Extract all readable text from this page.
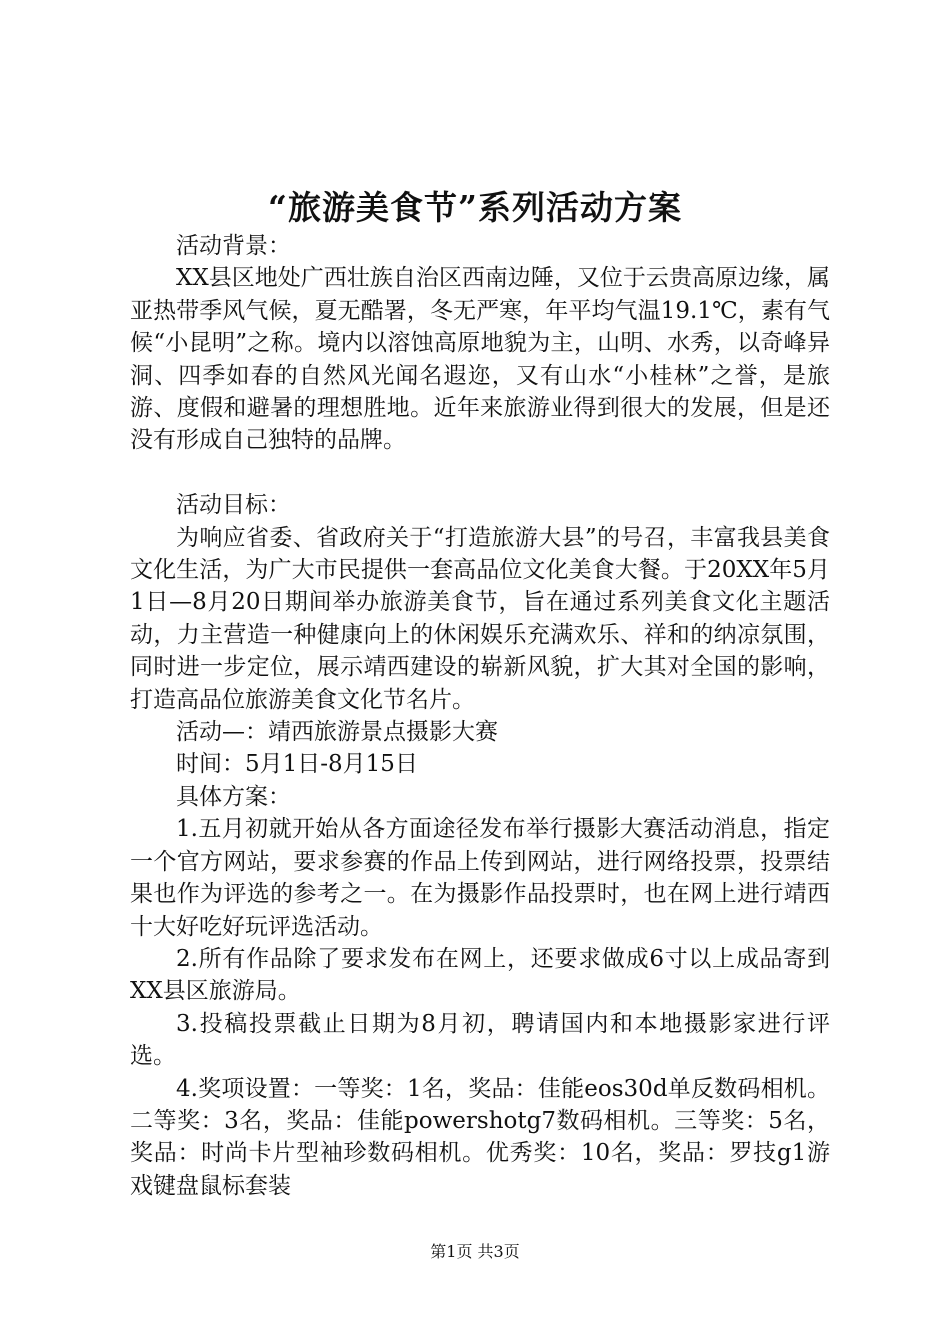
“旅游美食节”系列活动方案

活动背景：

XX县区地处广西壮族自治区西南边陲，又位于云贵高原边缘，属亚热带季风气候，夏无酷署，冬无严寒，年平均气温19.1℃，素有气候“小昆明”之称。境内以溶蚀高原地貌为主，山明、水秀，以奇峰异洞、四季如春的自然风光闻名遐迩，又有山水“小桂林”之誉，是旅游、度假和避暑的理想胜地。近年来旅游业得到很大的发展，但是还没有形成自己独特的品牌。

活动目标：

为响应省委、省政府关于“打造旅游大县”的号召，丰富我县美食文化生活，为广大市民提供一套高品位文化美食大餐。于20XX年5月1日—8月20日期间举办旅游美食节，旨在通过系列美食文化主题活动，力主营造一种健康向上的休闲娱乐充满欢乐、祥和的纳凉氛围，同时进一步定位，展示靖西建设的崭新风貌，扩大其对全国的影响，打造高品位旅游美食文化节名片。

活动—：靖西旅游景点摄影大赛

时间：5月1日-8月15日

具体方案：

1.五月初就开始从各方面途径发布举行摄影大赛活动消息，指定一个官方网站，要求参赛的作品上传到网站，进行网络投票，投票结果也作为评选的参考之一。在为摄影作品投票时，也在网上进行靖西十大好吃好玩评选活动。

2.所有作品除了要求发布在网上，还要求做成6寸以上成品寄到XX县区旅游局。

3.投稿投票截止日期为8月初，聘请国内和本地摄影家进行评选。

4.奖项设置：一等奖：1名，奖品：佳能eos30d单反数码相机。二等奖：3名，奖品：佳能powershotg7数码相机。三等奖：5名，奖品：时尚卡片型袖珍数码相机。优秀奖：10名，奖品：罗技g1游戏键盘鼠标套装

第1页 共3页
